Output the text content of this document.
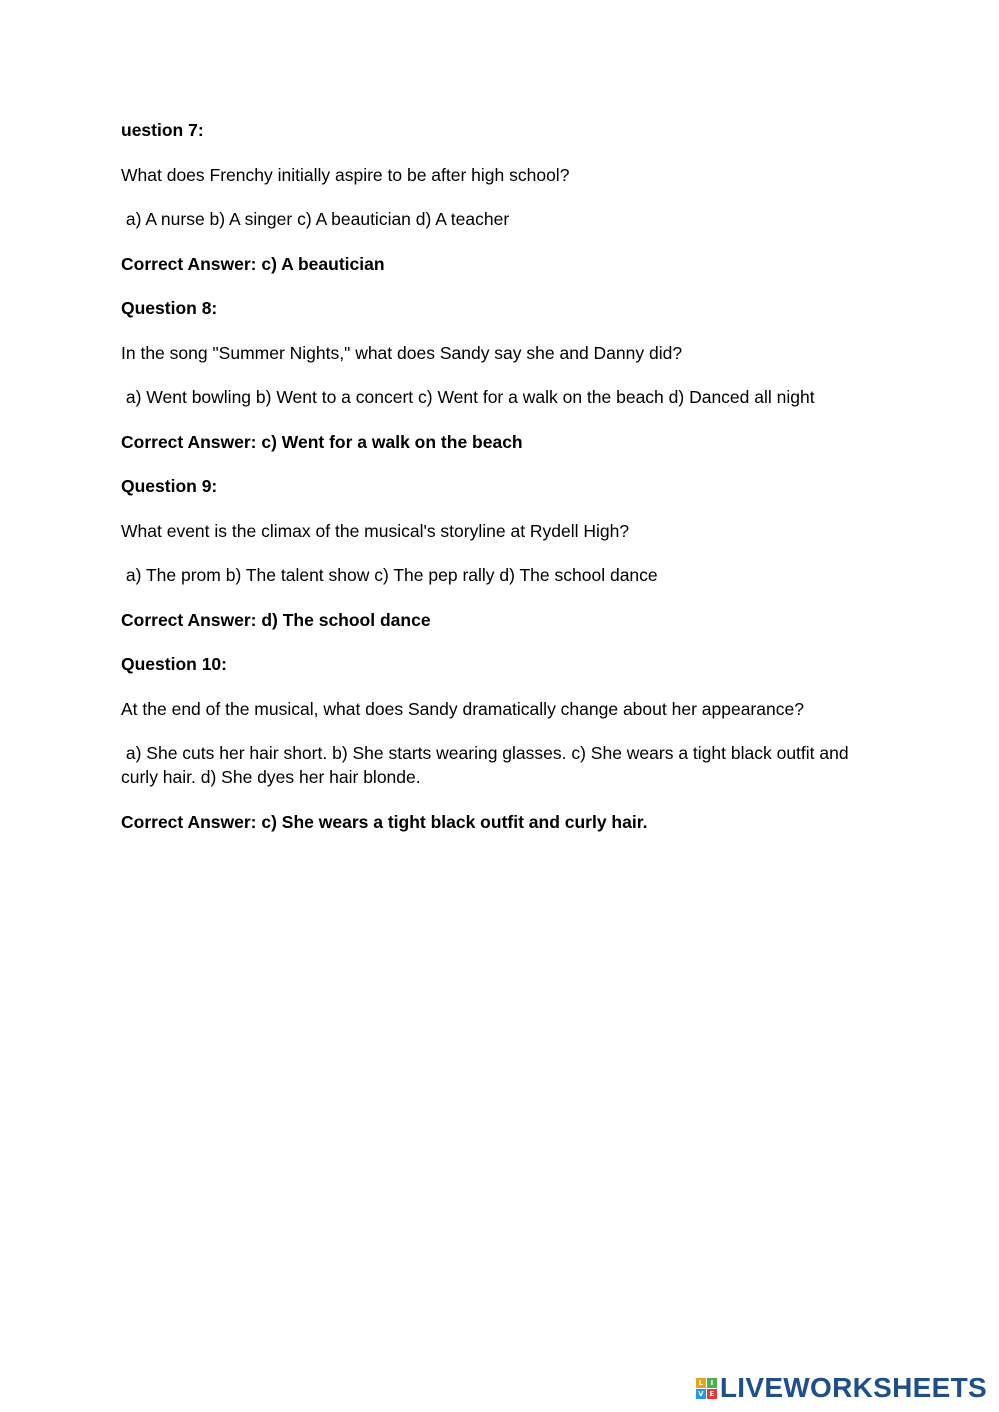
uestion 7:

What does Frenchy initially aspire to be after high school?

a) A nurse b) A singer c) A beautician d) A teacher

Correct Answer: c) A beautician

Question 8:

In the song "Summer Nights," what does Sandy say she and Danny did?

a) Went bowling b) Went to a concert c) Went for a walk on the beach d) Danced all night

Correct Answer: c) Went for a walk on the beach

Question 9:

What event is the climax of the musical's storyline at Rydell High?

a) The prom b) The talent show c) The pep rally d) The school dance

Correct Answer: d) The school dance

Question 10:

At the end of the musical, what does Sandy dramatically change about her appearance?

a) She cuts her hair short. b) She starts wearing glasses. c) She wears a tight black outfit and curly hair. d) She dyes her hair blonde.

Correct Answer: c) She wears a tight black outfit and curly hair.

L	I
V E LIVEWORKSHEETS
